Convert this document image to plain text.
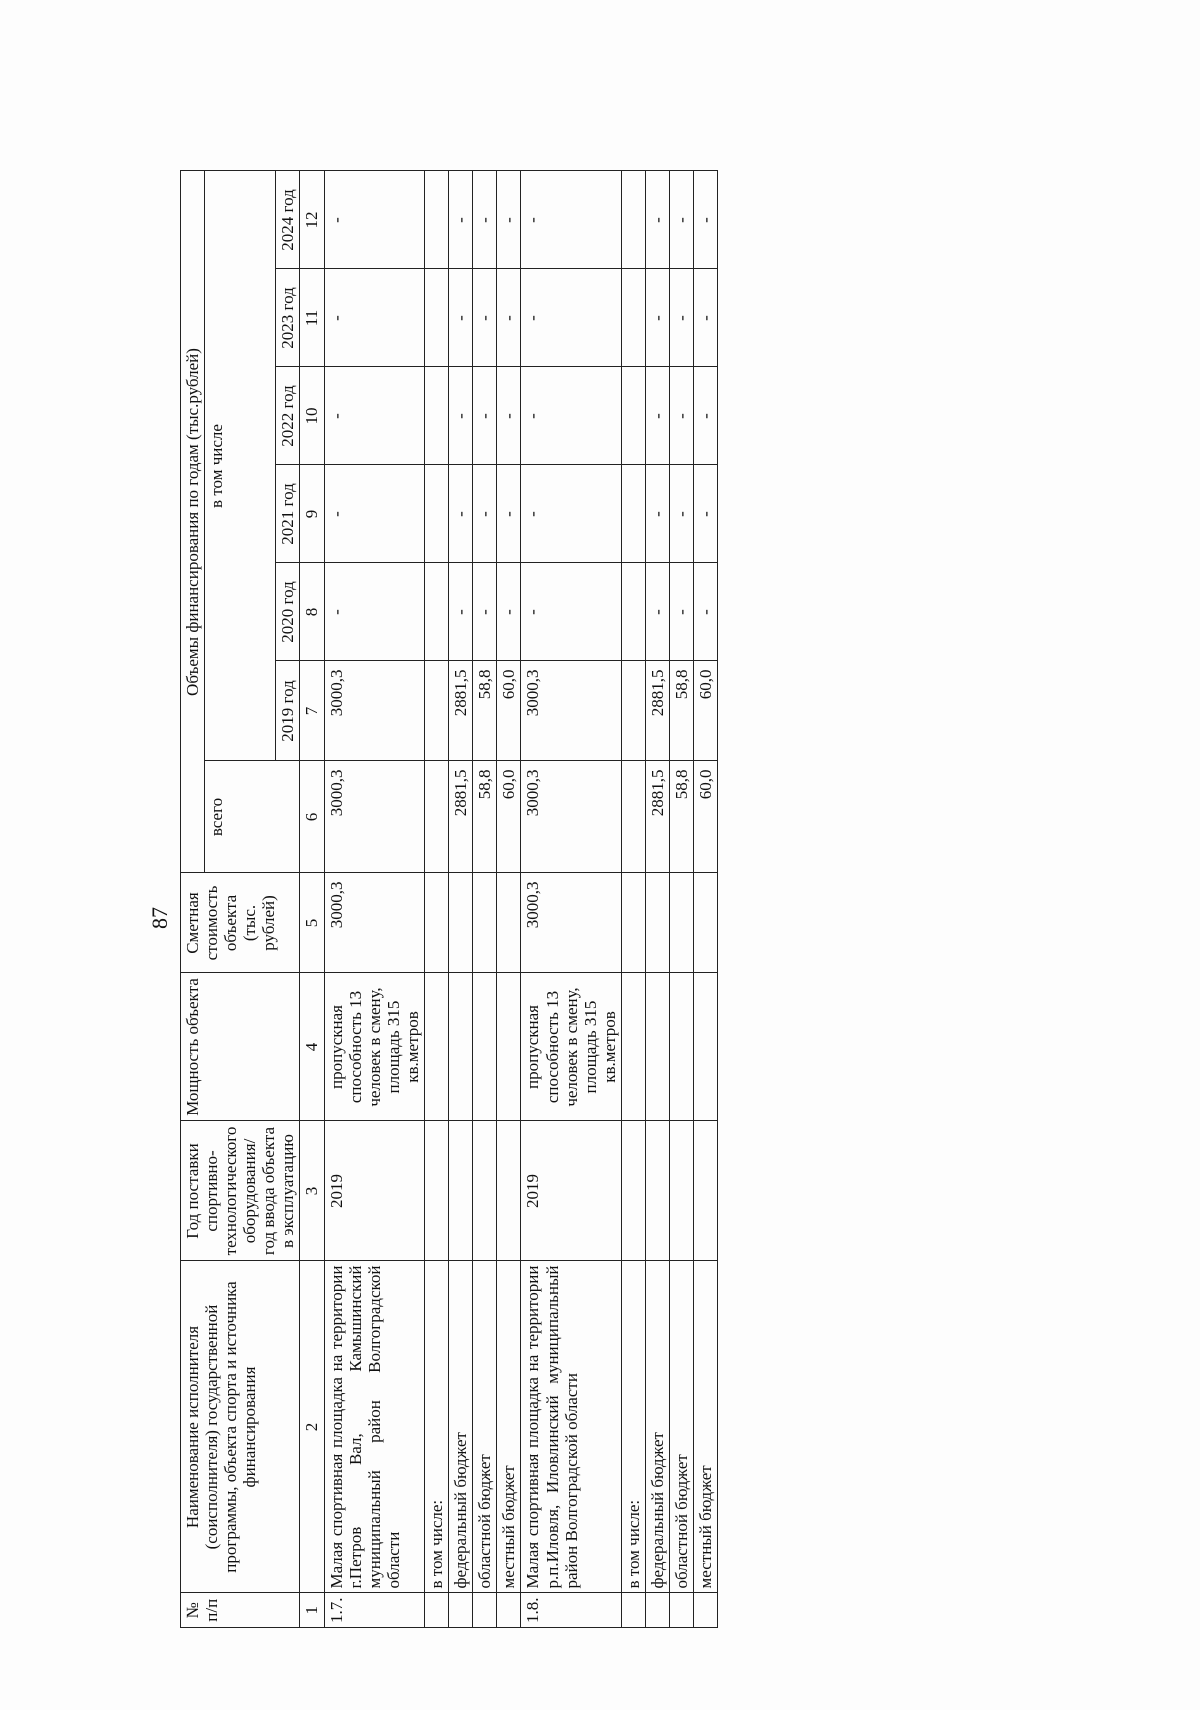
87
№ п/п	Наименование исполнителя (соисполнителя) государственной программы, объекта спорта и источника финансирования	Год поставки спортивно-технологического оборудования/ год ввода объекта в эксплуатацию	Мощность объекта	Сметная стоимость объекта (тыс. рублей)	Объемы финансирования по годам (тыс.рублей)						
					всего	в том числе					
						2019 год	2020 год	2021 год	2022 год	2023 год	2024 год
1	2	3	4	5	6	7	8	9	10	11	12
1.7.	Малая спортивная площадка на территории г.Петров Вал, Камышинский муниципальный район Волгоградской области	2019	пропускная способность 13 человек в смену, площадь 315 кв.метров	3000,3	3000,3	3000,3	-	-	-	-	-
	в том числе:										
	федеральный бюджет				2881,5	2881,5	-	-	-	-	-
	областной бюджет				58,8	58,8	-	-	-	-	-
	местный бюджет				60,0	60,0	-	-	-	-	-
1.8.	Малая спортивная площадка на территории р.п.Иловля, Иловлинский муниципальный район Волгоградской области	2019	пропускная способность 13 человек в смену, площадь 315 кв.метров	3000,3	3000,3	3000,3	-	-	-	-	-
	в том числе:										
	федеральный бюджет				2881,5	2881,5	-	-	-	-	-
	областной бюджет				58,8	58,8	-	-	-	-	-
	местный бюджет				60,0	60,0	-	-	-	-	-
